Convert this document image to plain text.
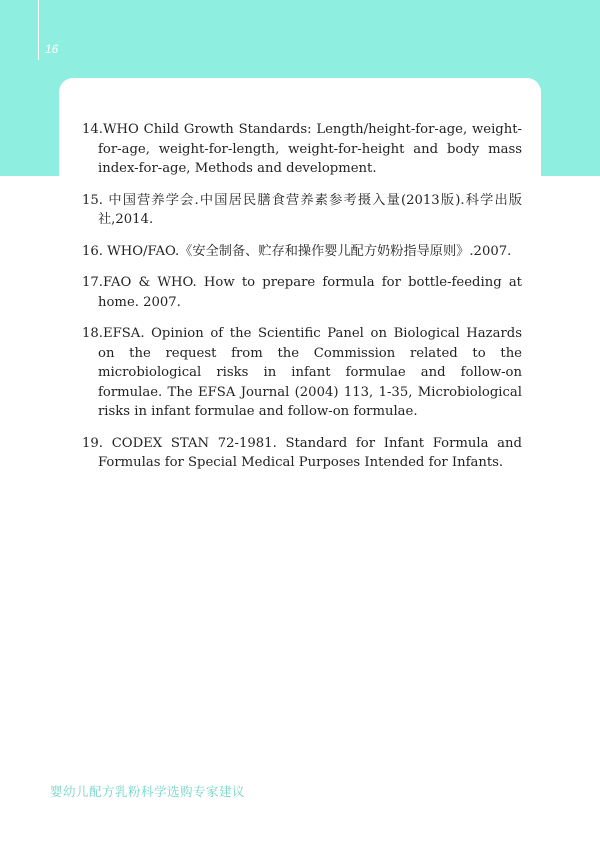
16
14.WHO Child Growth Standards: Length/height-for-age, weight-for-age, weight-for-length, weight-for-height and body mass index-for-age, Methods and development.
15. 中国营养学会.中国居民膳食营养素参考摄入量(2013版).科学出版社,2014.
16. WHO/FAO.《安全制备、贮存和操作婴儿配方奶粉指导原则》.2007.
17.FAO & WHO. How to prepare formula for bottle-feeding at home. 2007.
18.EFSA. Opinion of the Scientific Panel on Biological Hazards on the request from the Commission related to the microbiological risks in infant formulae and follow-on formulae. The EFSA Journal (2004) 113, 1-35, Microbiological risks in infant formulae and follow-on formulae.
19. CODEX STAN 72-1981. Standard for Infant Formula and Formulas for Special Medical Purposes Intended for Infants.
婴幼儿配方乳粉科学选购专家建议
